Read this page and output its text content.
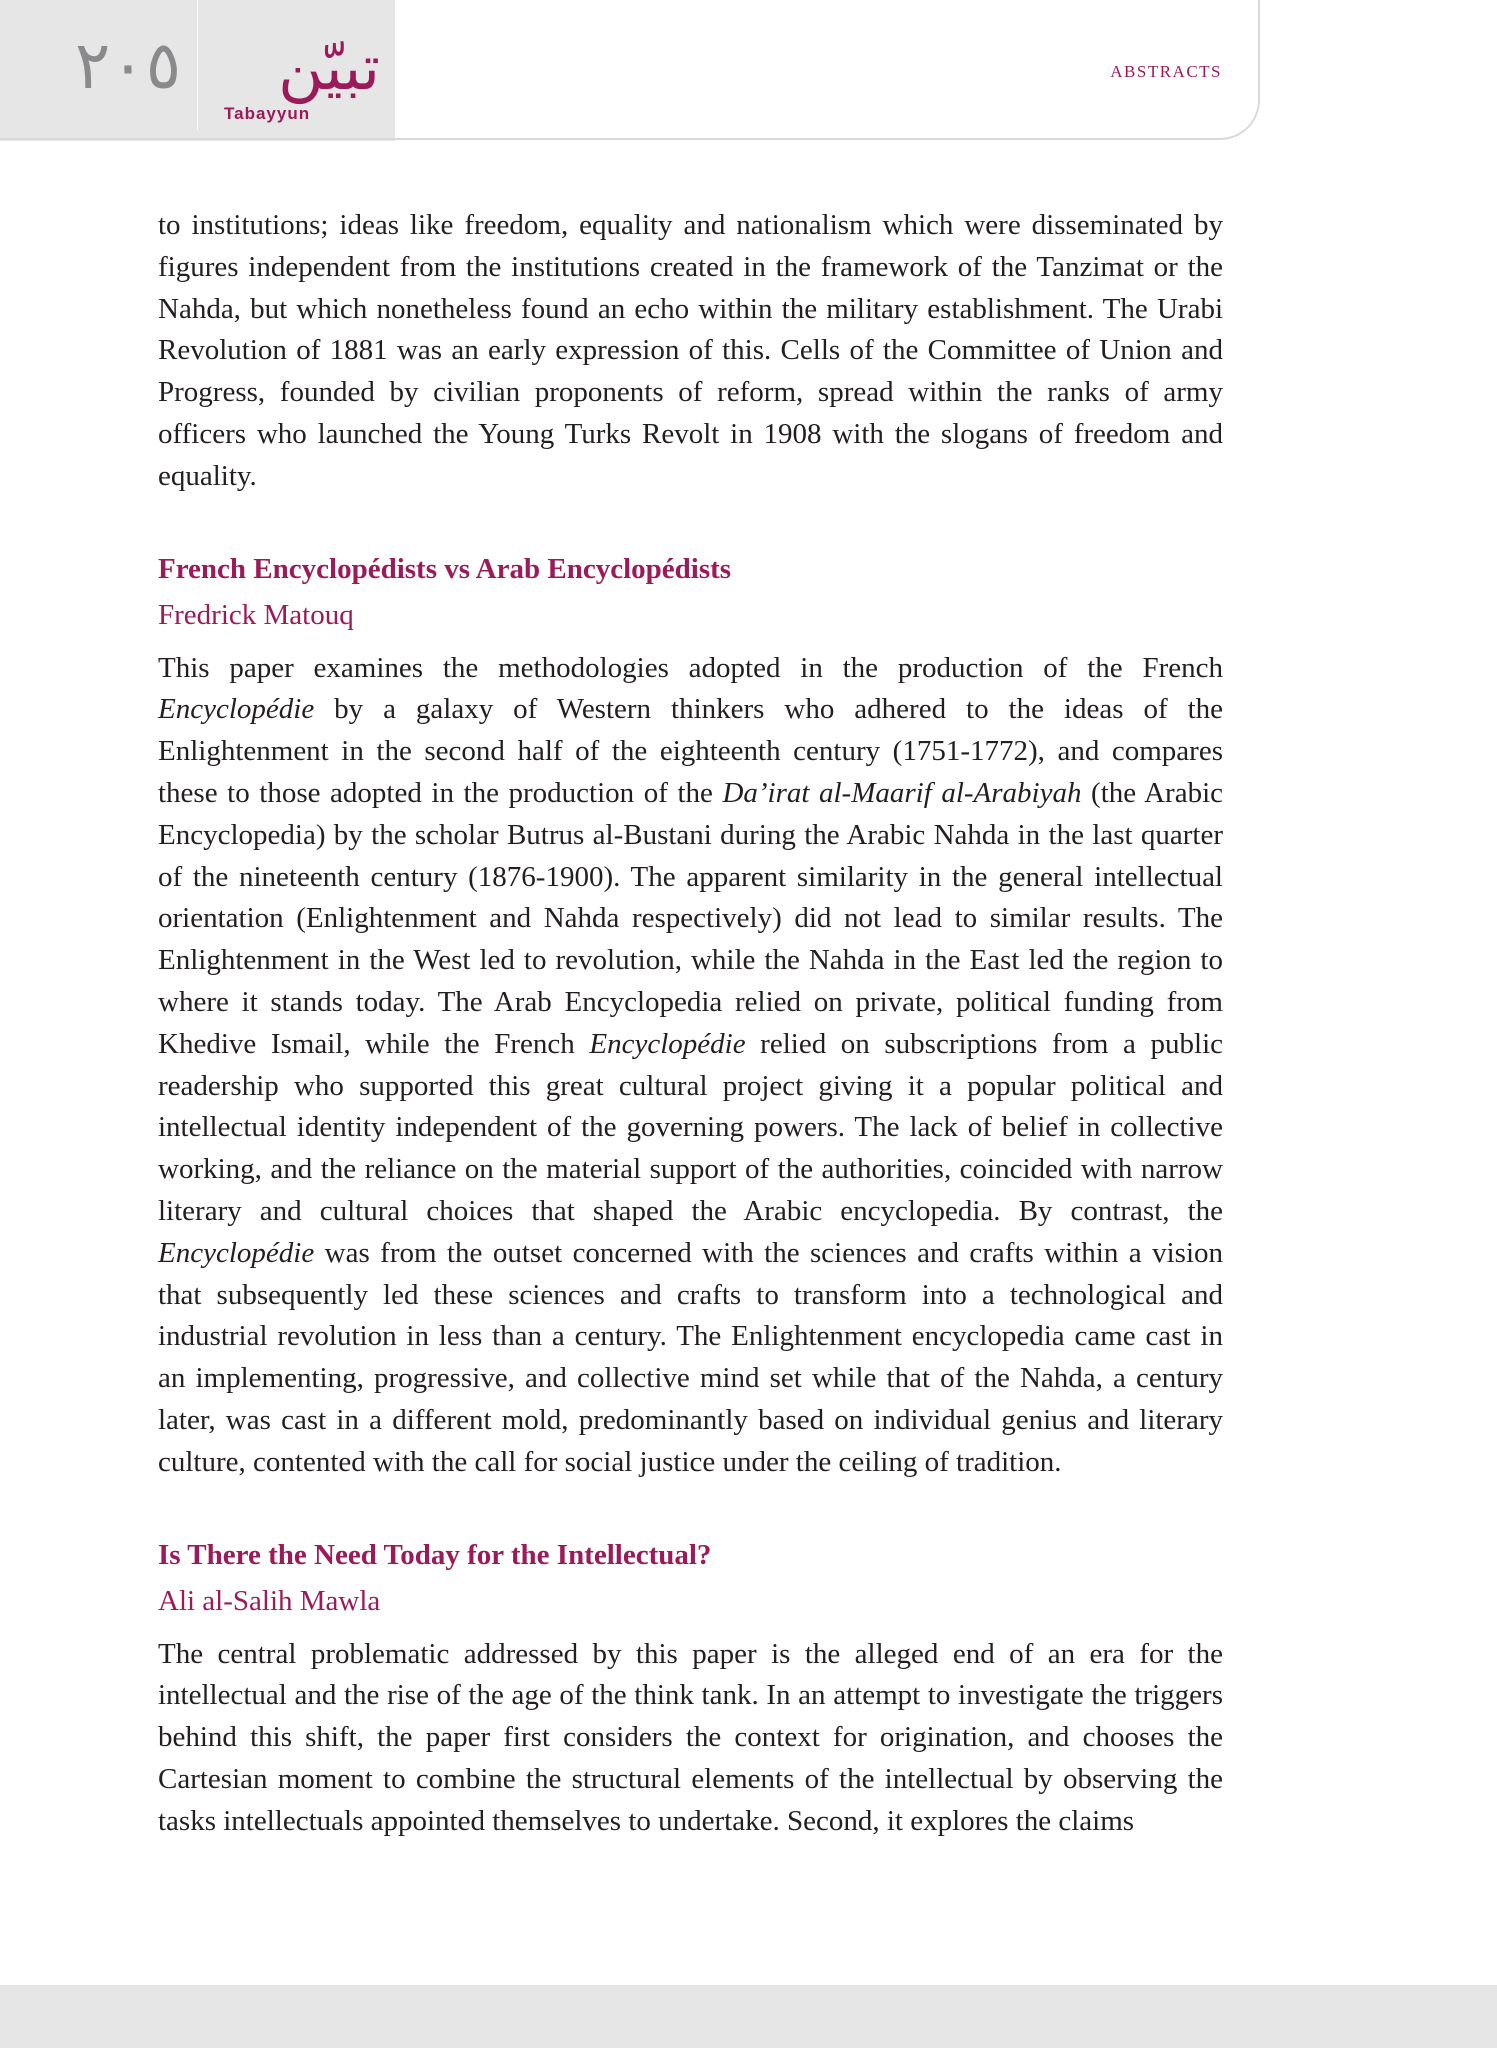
٢٠٥	تبيّن
Tabayyun
ABSTRACTS

to institutions; ideas like freedom, equality and nationalism which were disseminated by figures independent from the institutions created in the framework of the Tanzimat or the Nahda, but which nonetheless found an echo within the military establishment. The Urabi Revolution of 1881 was an early expression of this. Cells of the Committee of Union and Progress, founded by civilian proponents of reform, spread within the ranks of army officers who launched the Young Turks Revolt in 1908 with the slogans of freedom and equality.

French Encyclopédists vs Arab Encyclopédists
Fredrick Matouq

This paper examines the methodologies adopted in the production of the French Encyclopédie by a galaxy of Western thinkers who adhered to the ideas of the Enlightenment in the second half of the eighteenth century (1751-1772), and compares these to those adopted in the production of the Da’irat al-Maarif al-Arabiyah (the Arabic Encyclopedia) by the scholar Butrus al-Bustani during the Arabic Nahda in the last quarter of the nineteenth century (1876-1900). The apparent similarity in the general intellectual orientation (Enlightenment and Nahda respectively) did not lead to similar results. The Enlightenment in the West led to revolution, while the Nahda in the East led the region to where it stands today. The Arab Encyclopedia relied on private, political funding from Khedive Ismail, while the French Encyclopédie relied on subscriptions from a public readership who supported this great cultural project giving it a popular political and intellectual identity independent of the governing powers. The lack of belief in collective working, and the reliance on the material support of the authorities, coincided with narrow literary and cultural choices that shaped the Arabic encyclopedia. By contrast, the Encyclopédie was from the outset concerned with the sciences and crafts within a vision that subsequently led these sciences and crafts to transform into a technological and industrial revolution in less than a century. The Enlightenment encyclopedia came cast in an implementing, progressive, and collective mind set while that of the Nahda, a century later, was cast in a different mold, predominantly based on individual genius and literary culture, contented with the call for social justice under the ceiling of tradition.

Is There the Need Today for the Intellectual?
Ali al-Salih Mawla

The central problematic addressed by this paper is the alleged end of an era for the intellectual and the rise of the age of the think tank. In an attempt to investigate the triggers behind this shift, the paper first considers the context for origination, and chooses the Cartesian moment to combine the structural elements of the intellectual by observing the tasks intellectuals appointed themselves to undertake. Second, it explores the claims
